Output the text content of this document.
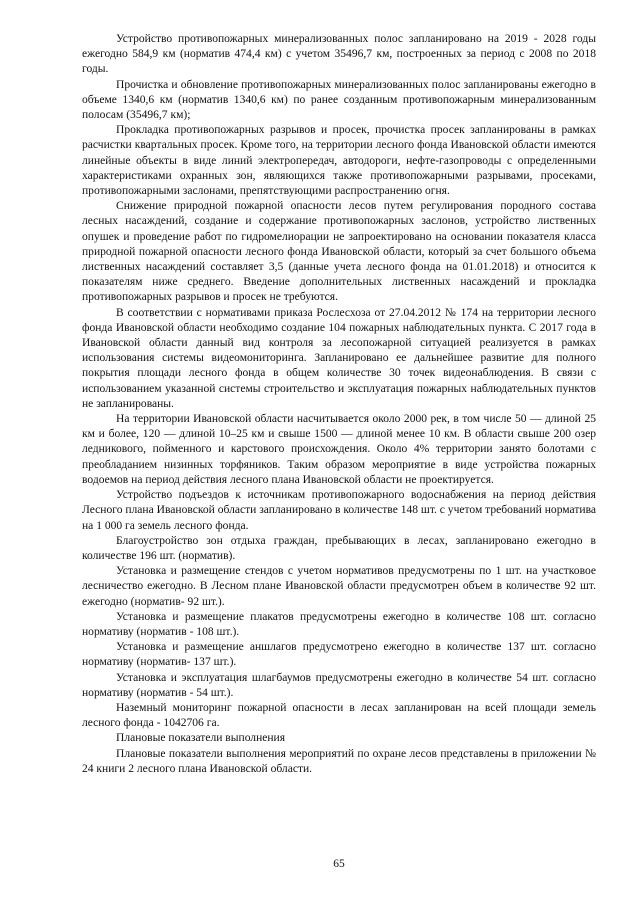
Устройство противопожарных минерализованных полос запланировано на 2019 - 2028 годы ежегодно 584,9 км (норматив 474,4 км) с учетом 35496,7 км, построенных за период с 2008 по 2018 годы.

Прочистка и обновление противопожарных минерализованных полос запланированы ежегодно в объеме 1340,6 км (норматив 1340,6 км) по ранее созданным противопожарным минерализованным полосам (35496,7 км);

Прокладка противопожарных разрывов и просек, прочистка просек запланированы в рамках расчистки квартальных просек. Кроме того, на территории лесного фонда Ивановской области имеются линейные объекты в виде линий электропередач, автодороги, нефте-газопроводы с определенными характеристиками охранных зон, являющихся также противопожарными разрывами, просеками, противопожарными заслонами, препятствующими распространению огня.

Снижение природной пожарной опасности лесов путем регулирования породного состава лесных насаждений, создание и содержание противопожарных заслонов, устройство лиственных опушек и проведение работ по гидромелиорации не запроектировано на основании показателя класса природной пожарной опасности лесного фонда Ивановской области, который за счет большого объема лиственных насаждений составляет 3,5 (данные учета лесного фонда на 01.01.2018) и относится к показателям ниже среднего. Введение дополнительных лиственных насаждений и прокладка противопожарных разрывов и просек не требуются.

В соответствии с нормативами приказа Рослесхоза от 27.04.2012 № 174 на территории лесного фонда Ивановской области необходимо создание 104 пожарных наблюдательных пункта. С 2017 года в Ивановской области данный вид контроля за лесопожарной ситуацией реализуется в рамках использования системы видеомониторинга. Запланировано ее дальнейшее развитие для полного покрытия площади лесного фонда в общем количестве 30 точек видеонаблюдения. В связи с использованием указанной системы строительство и эксплуатация пожарных наблюдательных пунктов не запланированы.

На территории Ивановской области насчитывается около 2000 рек, в том числе 50 — длиной 25 км и более, 120 — длиной 10–25 км и свыше 1500 — длиной менее 10 км. В области свыше 200 озер ледникового, пойменного и карстового происхождения. Около 4% территории занято болотами с преобладанием низинных торфяников. Таким образом мероприятие в виде устройства пожарных водоемов на период действия лесного плана Ивановской области не проектируется.

Устройство подъездов к источникам противопожарного водоснабжения на период действия Лесного плана Ивановской области запланировано в количестве 148 шт. с учетом требований норматива на 1 000 га земель лесного фонда.

Благоустройство зон отдыха граждан, пребывающих в лесах, запланировано ежегодно в количестве 196 шт. (норматив).

Установка и размещение стендов с учетом нормативов предусмотрены по 1 шт. на участковое лесничество ежегодно. В Лесном плане Ивановской области предусмотрен объем в количестве 92 шт. ежегодно (норматив- 92 шт.).

Установка и размещение плакатов предусмотрены ежегодно в количестве 108 шт. согласно нормативу (норматив - 108 шт.).

Установка и размещение аншлагов предусмотрено ежегодно в количестве 137 шт. согласно нормативу (норматив- 137 шт.).

Установка и эксплуатация шлагбаумов предусмотрены ежегодно в количестве 54 шт. согласно нормативу (норматив - 54 шт.).

Наземный мониторинг пожарной опасности в лесах запланирован на всей площади земель лесного фонда - 1042706 га.

Плановые показатели выполнения

Плановые показатели выполнения мероприятий по охране лесов представлены в приложении № 24 книги 2 лесного плана Ивановской области.

65
